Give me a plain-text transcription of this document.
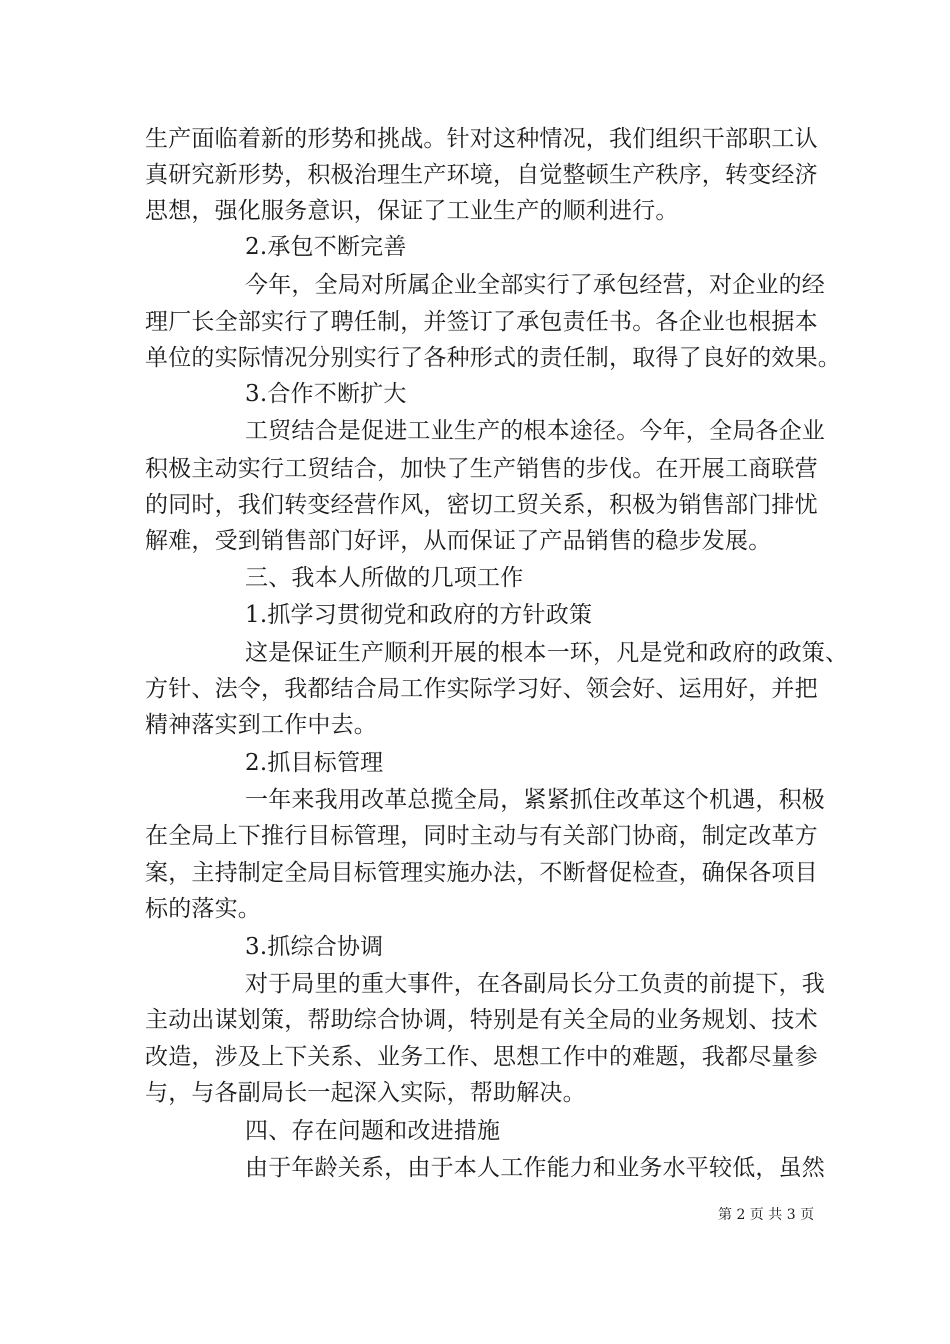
生产面临着新的形势和挑战。针对这种情况，我们组织干部职工认
真研究新形势，积极治理生产环境，自觉整顿生产秩序，转变经济
思想，强化服务意识，保证了工业生产的顺利进行。
2.承包不断完善
今年，全局对所属企业全部实行了承包经营，对企业的经
理厂长全部实行了聘任制，并签订了承包责任书。各企业也根据本
单位的实际情况分别实行了各种形式的责任制，取得了良好的效果。
3.合作不断扩大
工贸结合是促进工业生产的根本途径。今年，全局各企业
积极主动实行工贸结合，加快了生产销售的步伐。在开展工商联营
的同时，我们转变经营作风，密切工贸关系，积极为销售部门排忧
解难，受到销售部门好评，从而保证了产品销售的稳步发展。
三、我本人所做的几项工作
1.抓学习贯彻党和政府的方针政策
这是保证生产顺利开展的根本一环，凡是党和政府的政策、
方针、法令，我都结合局工作实际学习好、领会好、运用好，并把
精神落实到工作中去。
2.抓目标管理
一年来我用改革总揽全局，紧紧抓住改革这个机遇，积极
在全局上下推行目标管理，同时主动与有关部门协商，制定改革方
案，主持制定全局目标管理实施办法，不断督促检查，确保各项目
标的落实。
3.抓综合协调
对于局里的重大事件，在各副局长分工负责的前提下，我
主动出谋划策，帮助综合协调，特别是有关全局的业务规划、技术
改造，涉及上下关系、业务工作、思想工作中的难题，我都尽量参
与，与各副局长一起深入实际，帮助解决。
四、存在问题和改进措施
由于年龄关系，由于本人工作能力和业务水平较低，虽然
第 2 页 共 3 页
